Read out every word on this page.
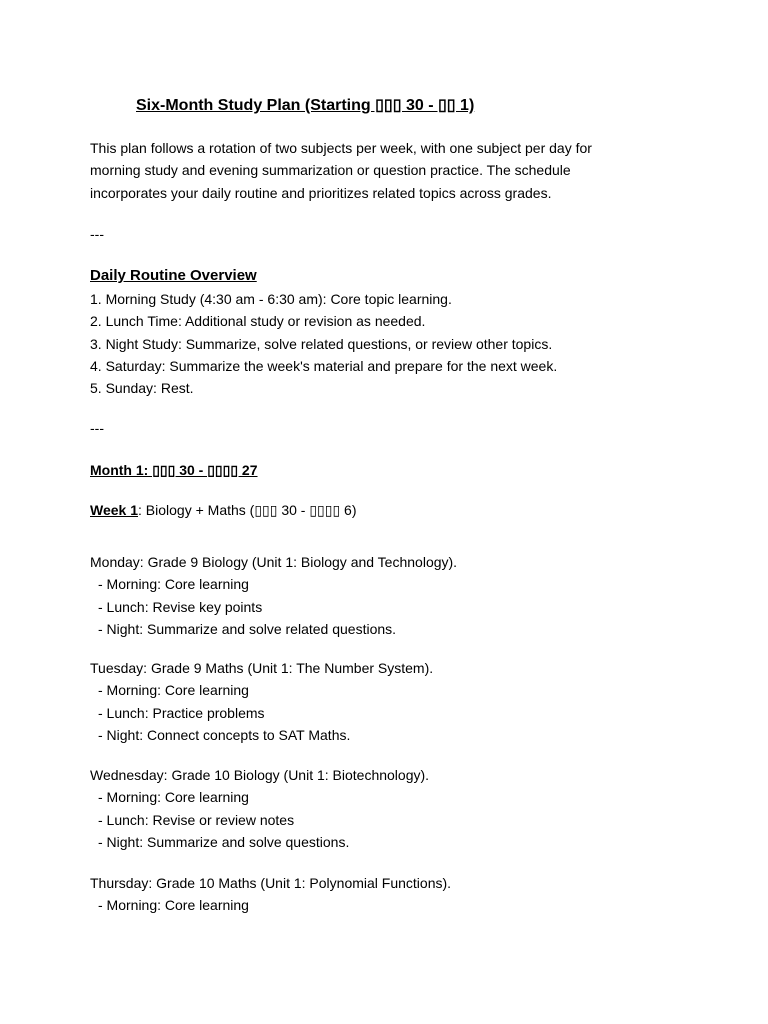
Six-Month Study Plan (Starting ▯▯▯ 30 - ▯▯ 1)
This plan follows a rotation of two subjects per week, with one subject per day for
morning study and evening summarization or question practice. The schedule
incorporates your daily routine and prioritizes related topics across grades.
---
Daily Routine Overview
1. Morning Study (4:30 am - 6:30 am): Core topic learning.
2. Lunch Time: Additional study or revision as needed.
3. Night Study: Summarize, solve related questions, or review other topics.
4. Saturday: Summarize the week's material and prepare for the next week.
5. Sunday: Rest.
---
Month 1: ▯▯▯ 30 - ▯▯▯▯ 27
Week 1: Biology + Maths (▯▯▯ 30 - ▯▯▯▯ 6)
Monday: Grade 9 Biology (Unit 1: Biology and Technology).
- Morning: Core learning
- Lunch: Revise key points
- Night: Summarize and solve related questions.
Tuesday: Grade 9 Maths (Unit 1: The Number System).
- Morning: Core learning
- Lunch: Practice problems
- Night: Connect concepts to SAT Maths.
Wednesday: Grade 10 Biology (Unit 1: Biotechnology).
- Morning: Core learning
- Lunch: Revise or review notes
- Night: Summarize and solve questions.
Thursday: Grade 10 Maths (Unit 1: Polynomial Functions).
- Morning: Core learning
